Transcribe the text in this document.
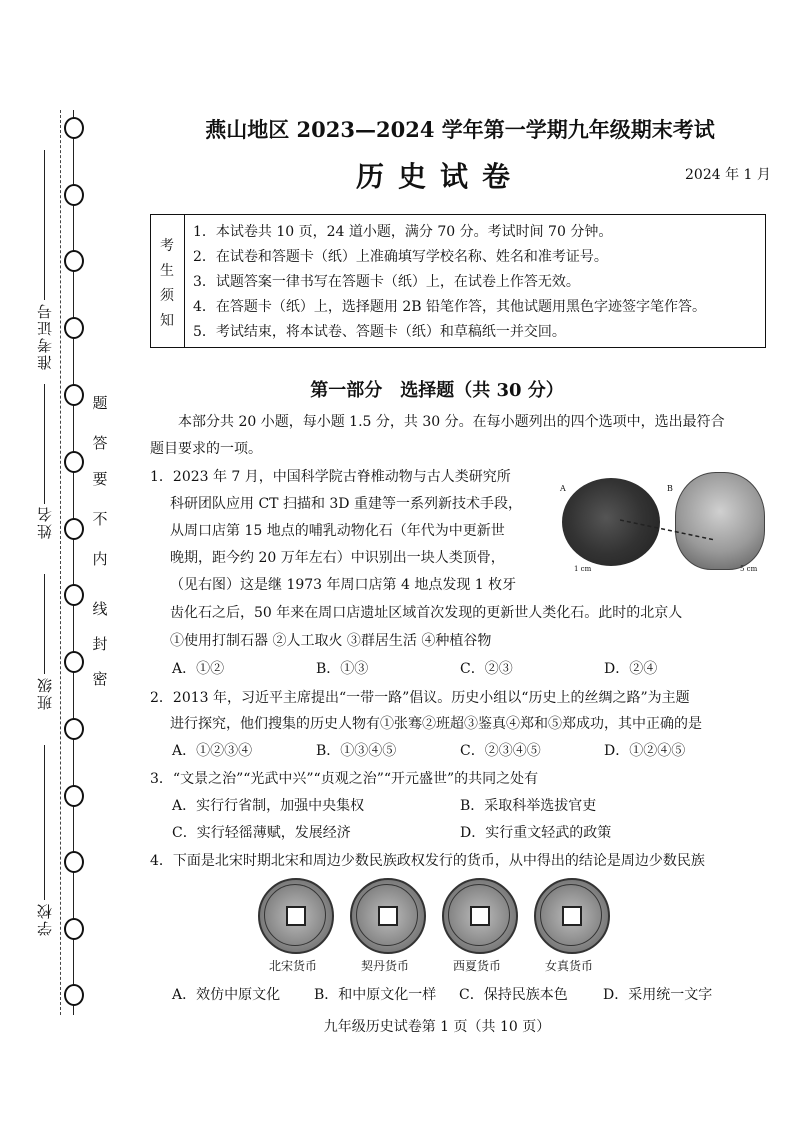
准考证号
姓名
班级
学校
密
封
线
内
不
要
答
题
燕山地区 2023—2024 学年第一学期九年级期末考试
历史试卷	2024 年 1 月
考
生
须
知
1．本试卷共 10 页，24 道小题，满分 70 分。考试时间 70 分钟。
2．在试卷和答题卡（纸）上准确填写学校名称、姓名和准考证号。
3．试题答案一律书写在答题卡（纸）上，在试卷上作答无效。
4．在答题卡（纸）上，选择题用 2B 铅笔作答，其他试题用黑色字迹签字笔作答。
5．考试结束，将本试卷、答题卡（纸）和草稿纸一并交回。
第一部分　选择题（共 30 分）
本部分共 20 小题，每小题 1.5 分，共 30 分。在每小题列出的四个选项中，选出最符合
题目要求的一项。
1．2023 年 7 月，中国科学院古脊椎动物与古人类研究所
科研团队应用 CT 扫描和 3D 重建等一系列新技术手段，
从周口店第 15 地点的哺乳动物化石（年代为中更新世
晚期，距今约 20 万年左右）中识别出一块人类顶骨，
（见右图）这是继 1973 年周口店第 4 地点发现 1 枚牙
齿化石之后，50 年来在周口店遗址区域首次发现的更新世人类化石。此时的北京人
①使用打制石器 ②人工取火 ③群居生活 ④种植谷物
A	B
1 cm	5 cm
A．①②	B．①③	C．②③	D．②④
2．2013 年，习近平主席提出“一带一路”倡议。历史小组以“历史上的丝绸之路”为主题
进行探究，他们搜集的历史人物有①张骞②班超③鉴真④郑和⑤郑成功，其中正确的是
A．①②③④	B．①③④⑤	C．②③④⑤	D．①②④⑤
3．“文景之治”“光武中兴”“贞观之治”“开元盛世”的共同之处有
A．实行行省制，加强中央集权	B．采取科举选拔官吏
C．实行轻徭薄赋，发展经济	D．实行重文轻武的政策
4．下面是北宋时期北宋和周边少数民族政权发行的货币，从中得出的结论是周边少数民族
北宋货币	契丹货币	西夏货币	女真货币
A．效仿中原文化 B．和中原文化一样 C．保持民族本色	D．采用统一文字
九年级历史试卷第 1 页（共 10 页）
